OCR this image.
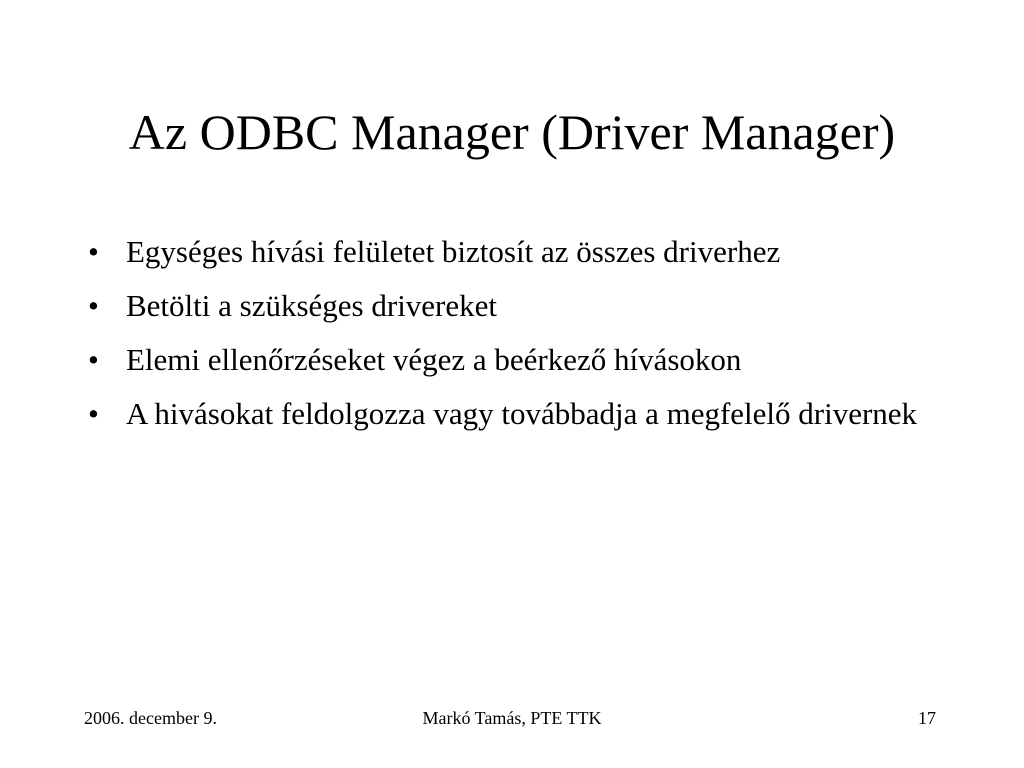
Az ODBC Manager (Driver Manager)
• Egységes hívási felületet biztosít az összes driverhez
• Betölti a szükséges drivereket
• Elemi ellenőrzéseket végez a beérkező hívásokon
• A hivásokat feldolgozza vagy továbbadja a megfelelő drivernek
2006. december 9.	Markó Tamás, PTE TTK	17
